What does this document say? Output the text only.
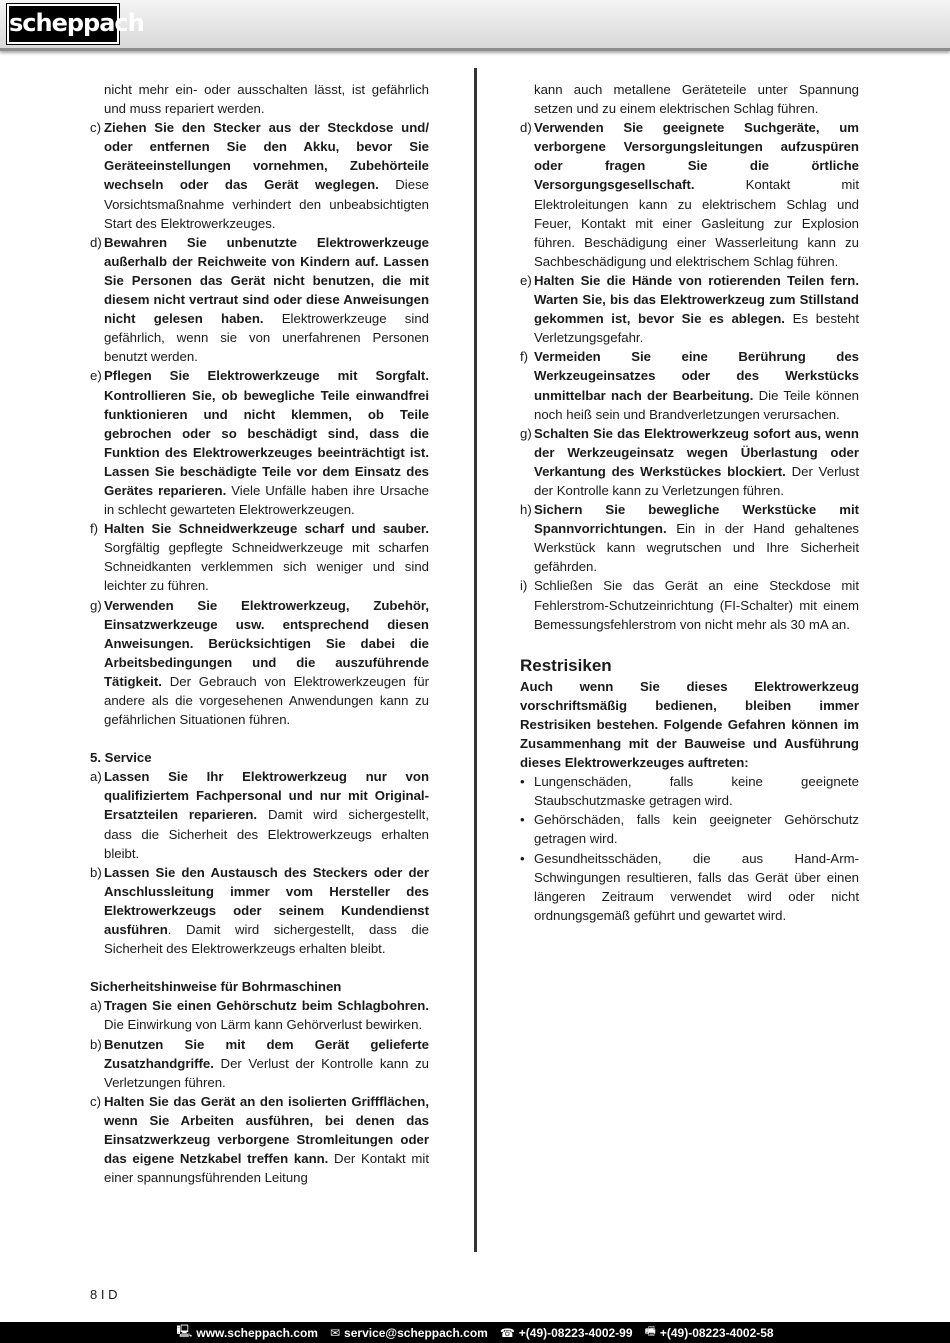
scheppach

nicht mehr ein- oder ausschalten lässt, ist gefährlich und muss repariert werden.

c) Ziehen Sie den Stecker aus der Steckdose und/ oder entfernen Sie den Akku, bevor Sie Geräteeinstellungen vornehmen, Zubehörteile wechseln oder das Gerät weglegen. Diese Vorsichtsmaßnahme verhindert den unbeabsichtigten Start des Elektrowerkzeuges.

d) Bewahren Sie unbenutzte Elektrowerkzeuge außerhalb der Reichweite von Kindern auf. Lassen Sie Personen das Gerät nicht benutzen, die mit diesem nicht vertraut sind oder diese Anweisungen nicht gelesen haben. Elektrowerkzeuge sind gefährlich, wenn sie von unerfahrenen Personen benutzt werden.

e) Pflegen Sie Elektrowerkzeuge mit Sorgfalt. Kontrollieren Sie, ob bewegliche Teile einwandfrei funktionieren und nicht klemmen, ob Teile gebrochen oder so beschädigt sind, dass die Funktion des Elektrowerkzeuges beeinträchtigt ist. Lassen Sie beschädigte Teile vor dem Einsatz des Gerätes reparieren. Viele Unfälle haben ihre Ursache in schlecht gewarteten Elektrowerkzeugen.

f) Halten Sie Schneidwerkzeuge scharf und sauber. Sorgfältig gepflegte Schneidwerkzeuge mit scharfen Schneidkanten verklemmen sich weniger und sind leichter zu führen.

g) Verwenden Sie Elektrowerkzeug, Zubehör, Einsatzwerkzeuge usw. entsprechend diesen Anweisungen. Berücksichtigen Sie dabei die Arbeitsbedingungen und die auszuführende Tätigkeit. Der Gebrauch von Elektrowerkzeugen für andere als die vorgesehenen Anwendungen kann zu gefährlichen Situationen führen.

5. Service

a) Lassen Sie Ihr Elektrowerkzeug nur von qualifiziertem Fachpersonal und nur mit Original- Ersatzteilen reparieren. Damit wird sichergestellt, dass die Sicherheit des Elektrowerkzeugs erhalten bleibt.

b) Lassen Sie den Austausch des Steckers oder der Anschlussleitung immer vom Hersteller des Elektrowerkzeugs oder seinem Kundendienst ausführen. Damit wird sichergestellt, dass die Sicherheit des Elektrowerkzeugs erhalten bleibt.

Sicherheitshinweise für Bohrmaschinen

a) Tragen Sie einen Gehörschutz beim Schlagbohren. Die Einwirkung von Lärm kann Gehörverlust bewirken.

b) Benutzen Sie mit dem Gerät gelieferte Zusatzhandgriffe. Der Verlust der Kontrolle kann zu Verletzungen führen.

c) Halten Sie das Gerät an den isolierten Griffflächen, wenn Sie Arbeiten ausführen, bei denen das Einsatzwerkzeug verborgene Stromleitungen oder das eigene Netzkabel treffen kann. Der Kontakt mit einer spannungsführenden Leitung

kann auch metallene Geräteteile unter Spannung setzen und zu einem elektrischen Schlag führen.

d) Verwenden Sie geeignete Suchgeräte, um verborgene Versorgungsleitungen aufzuspüren oder fragen Sie die örtliche Versorgungsgesellschaft. Kontakt mit Elektroleitungen kann zu elektrischem Schlag und Feuer, Kontakt mit einer Gasleitung zur Explosion führen. Beschädigung einer Wasserleitung kann zu Sachbeschädigung und elektrischem Schlag führen.

e) Halten Sie die Hände von rotierenden Teilen fern. Warten Sie, bis das Elektrowerkzeug zum Stillstand gekommen ist, bevor Sie es ablegen. Es besteht Verletzungsgefahr.

f) Vermeiden Sie eine Berührung des Werkzeugeinsatzes oder des Werkstücks unmittelbar nach der Bearbeitung. Die Teile können noch heiß sein und Brandverletzungen verursachen.

g) Schalten Sie das Elektrowerkzeug sofort aus, wenn der Werkzeugeinsatz wegen Überlastung oder Verkantung des Werkstückes blockiert. Der Verlust der Kontrolle kann zu Verletzungen führen.

h) Sichern Sie bewegliche Werkstücke mit Spannvorrichtungen. Ein in der Hand gehaltenes Werkstück kann wegrutschen und Ihre Sicherheit gefährden.

i) Schließen Sie das Gerät an eine Steckdose mit Fehlerstrom-Schutzeinrichtung (FI-Schalter) mit einem Bemessungsfehlerstrom von nicht mehr als 30 mA an.

Restrisiken

Auch wenn Sie dieses Elektrowerkzeug vorschriftsmäßig bedienen, bleiben immer Restrisiken bestehen. Folgende Gefahren können im Zusammenhang mit der Bauweise und Ausführung dieses Elektrowerkzeuges auftreten:

• Lungenschäden, falls keine geeignete Staubschutzmaske getragen wird.

• Gehörschäden, falls kein geeigneter Gehörschutz getragen wird.

• Gesundheitsschäden, die aus Hand-Arm- Schwingungen resultieren, falls das Gerät über einen längeren Zeitraum verwendet wird oder nicht ordnungsgemäß geführt und gewartet wird.

8 I D
🖳 www.scheppach.com ✉ service@scheppach.com ☎ +(49)-08223-4002-99 🖷 +(49)-08223-4002-58
